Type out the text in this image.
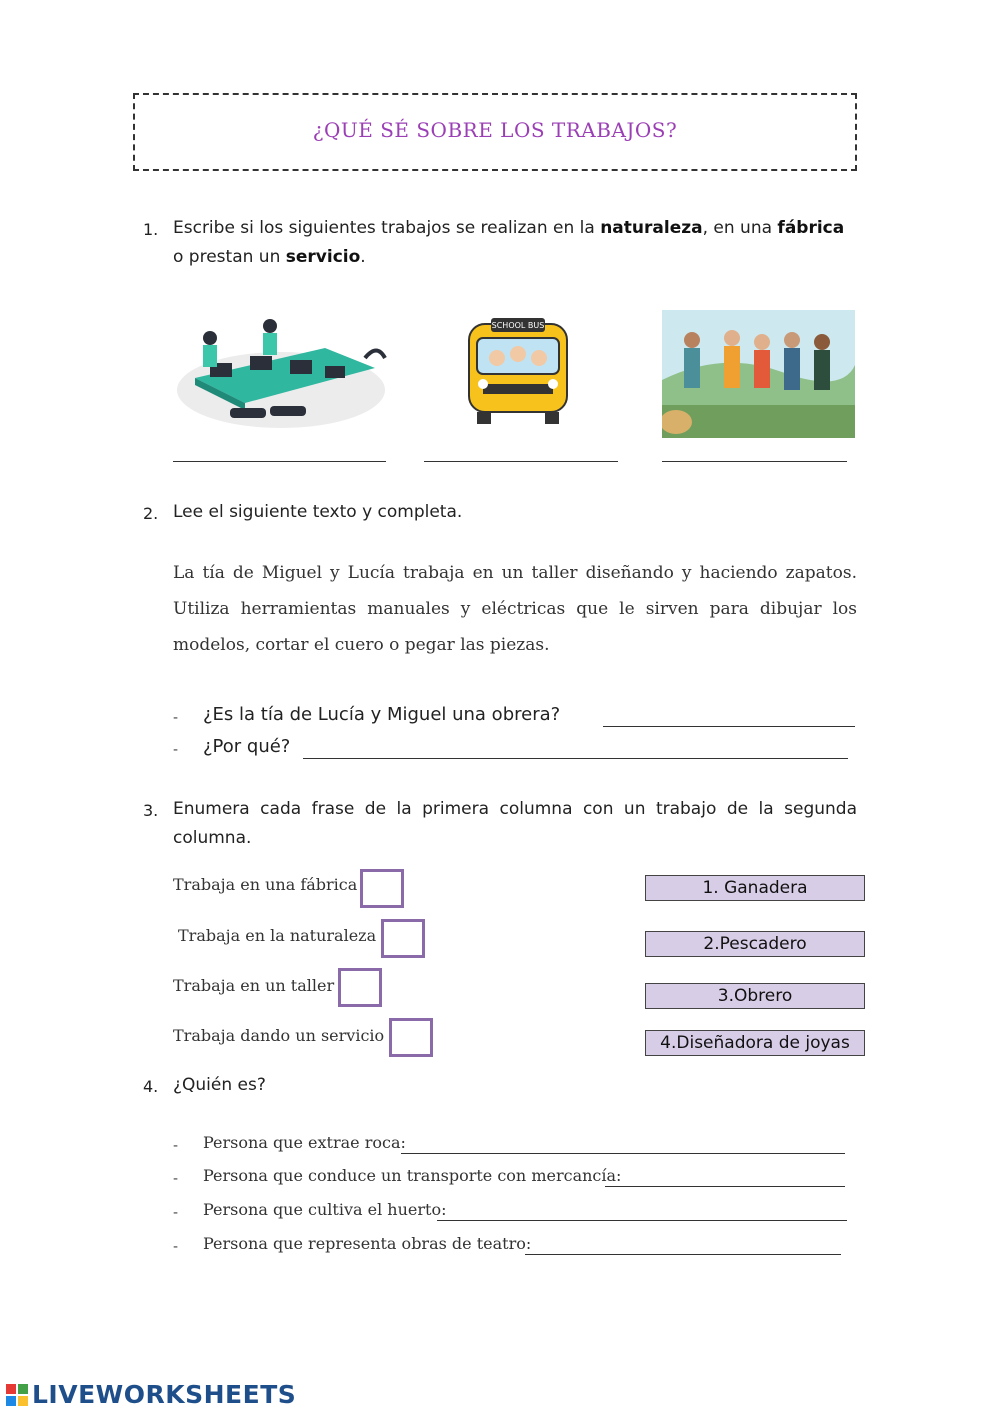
¿QUÉ SÉ SOBRE LOS TRABAJOS?
1. Escribe si los siguientes trabajos se realizan en la naturaleza, en una fábrica
o prestan un servicio.
SCHOOL BUS
2. Lee el siguiente texto y completa.
La tía de Miguel y Lucía trabaja en un taller diseñando y haciendo zapatos. Utiliza herramientas manuales y eléctricas que le sirven para dibujar los modelos, cortar el cuero o pegar las piezas.
- ¿Es la tía de Lucía y Miguel una obrera?
- ¿Por qué?
3. Enumera cada frase de la primera columna con un trabajo de la segunda columna.
Trabaja en una fábrica
Trabaja en la naturaleza
Trabaja en un taller
Trabaja dando un servicio
1. Ganadera
2.Pescadero
3.Obrero
4.Diseñadora de joyas
4. ¿Quién es?
- Persona que extrae roca:
- Persona que conduce un transporte con mercancía:
- Persona que cultiva el huerto:
- Persona que representa obras de teatro:
LIVEWORKSHEETS
